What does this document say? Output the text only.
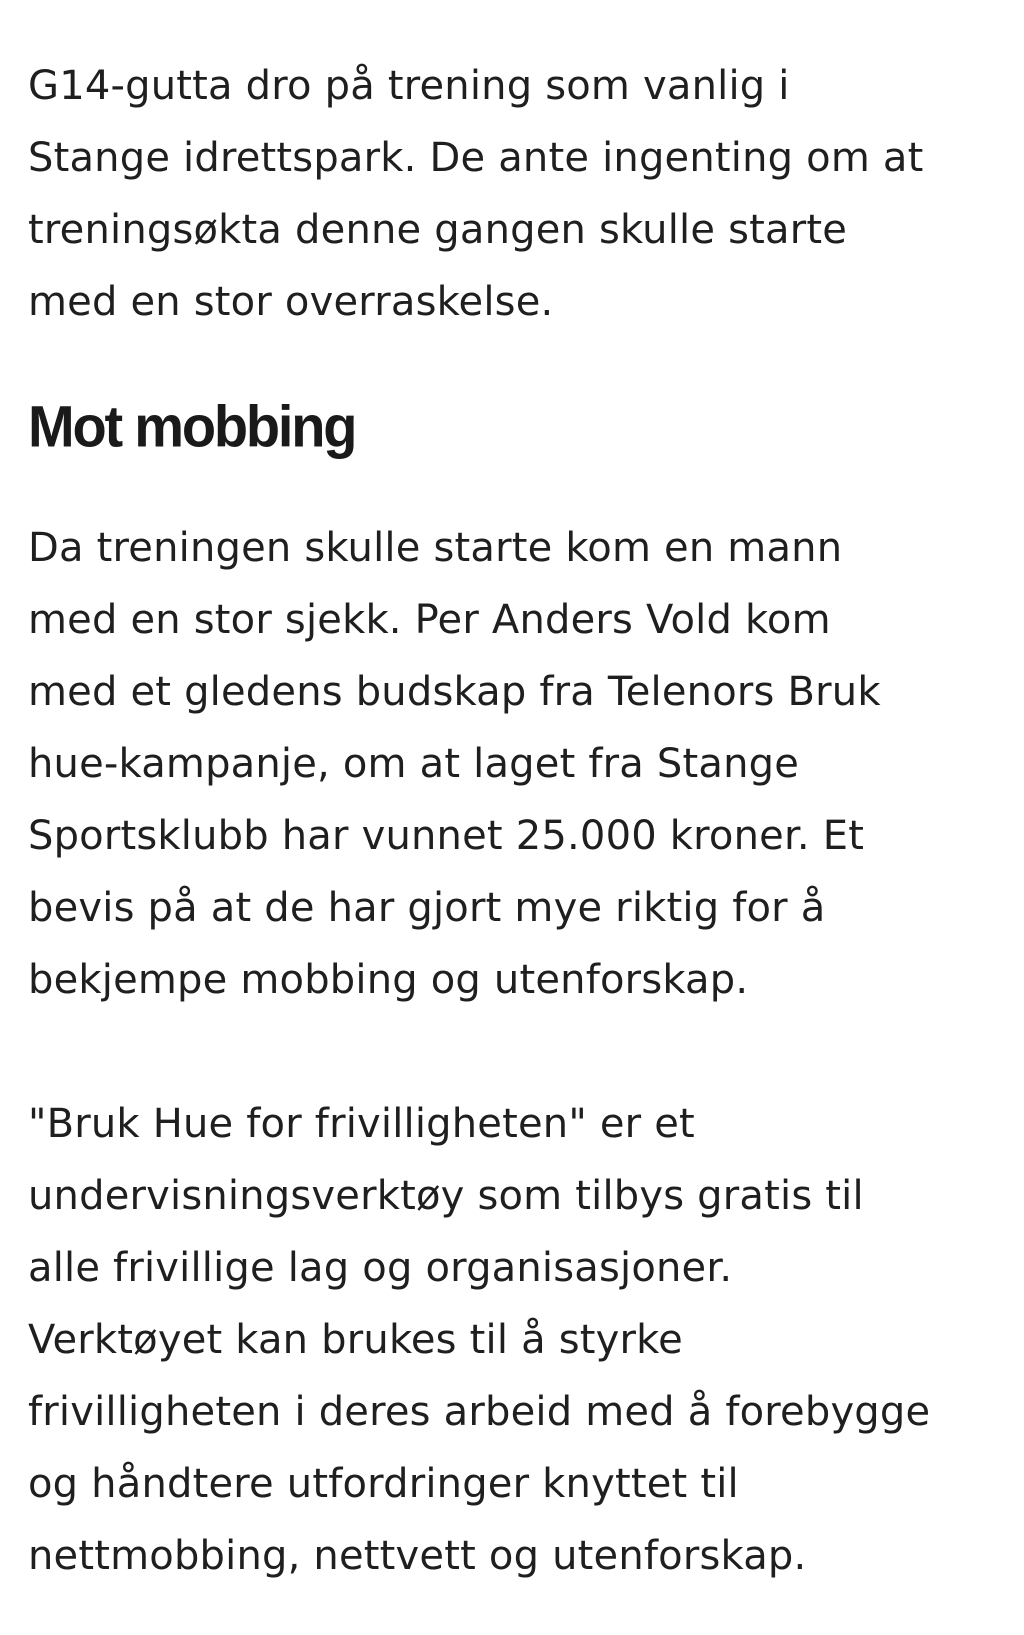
G14-gutta dro på trening som vanlig i
Stange idrettspark. De ante ingenting om at
treningsøkta denne gangen skulle starte
med en stor overraskelse.

Mot mobbing

Da treningen skulle starte kom en mann
med en stor sjekk. Per Anders Vold kom
med et gledens budskap fra Telenors Bruk
hue-kampanje, om at laget fra Stange
Sportsklubb har vunnet 25.000 kroner. Et
bevis på at de har gjort mye riktig for å
bekjempe mobbing og utenforskap.

"Bruk Hue for frivilligheten" er et
undervisningsverktøy som tilbys gratis til
alle frivillige lag og organisasjoner.
Verktøyet kan brukes til å styrke
frivilligheten i deres arbeid med å forebygge
og håndtere utfordringer knyttet til
nettmobbing, nettvett og utenforskap.
